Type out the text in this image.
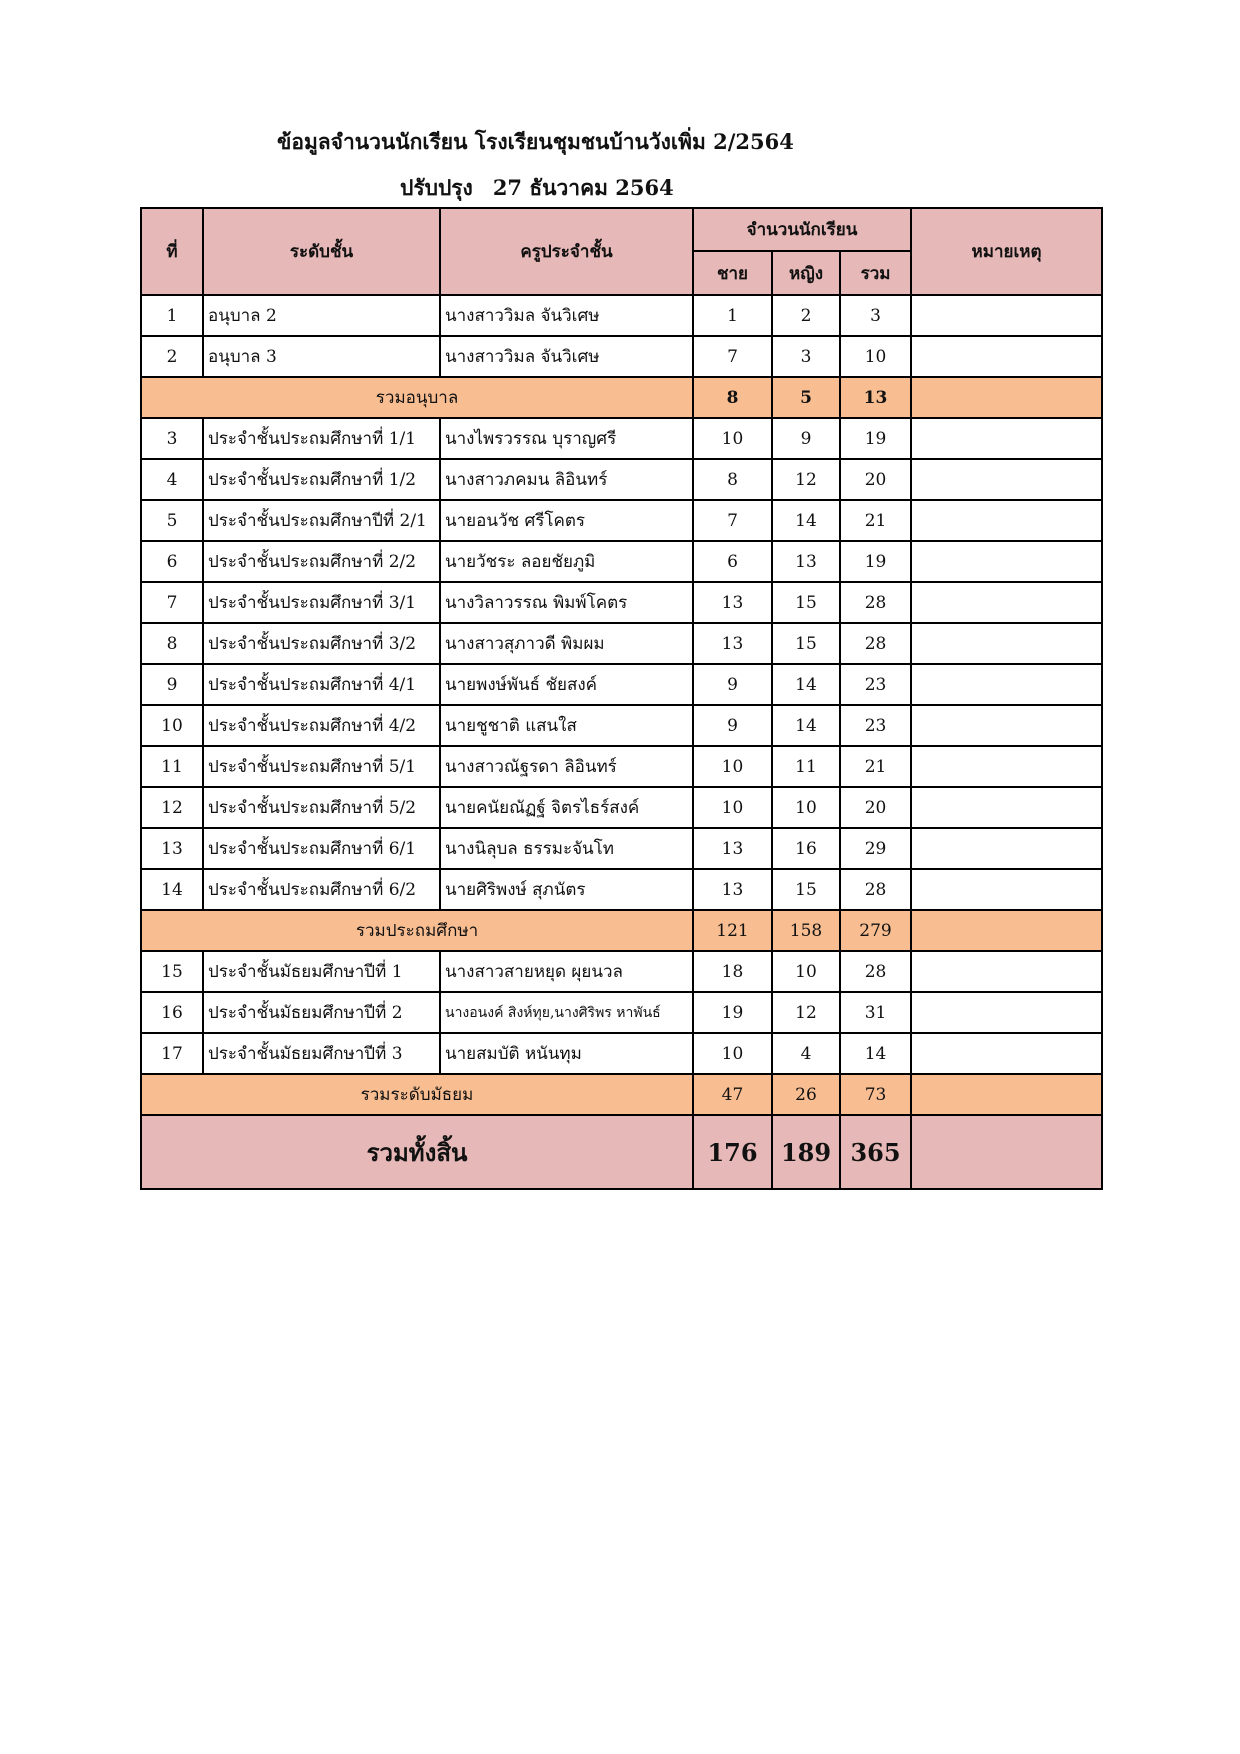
ข้อมูลจำนวนนักเรียน โรงเรียนชุมชนบ้านวังเพิ่ม 2/2564
ปรับปรุง 27 ธันวาคม 2564
ที่	ระดับชั้น	ครูประจำชั้น	จำนวนนักเรียน			หมายเหตุ
			ชาย	หญิง	รวม	
1	อนุบาล 2	นางสาววิมล จันวิเศษ	1	2	3	
2	อนุบาล 3	นางสาววิมล จันวิเศษ	7	3	10	
รวมอนุบาล			8	5	13	
3	ประจำชั้นประถมศึกษาที่ 1/1	นางไพรวรรณ บุราญศรี	10	9	19	
4	ประจำชั้นประถมศึกษาที่ 1/2	นางสาวภคมน ลิอินทร์	8	12	20	
5	ประจำชั้นประถมศึกษาปีที่ 2/1	นายอนวัช ศรีโคตร	7	14	21	
6	ประจำชั้นประถมศึกษาที่ 2/2	นายวัชระ ลอยชัยภูมิ	6	13	19	
7	ประจำชั้นประถมศึกษาที่ 3/1	นางวิลาวรรณ พิมพ์โคตร	13	15	28	
8	ประจำชั้นประถมศึกษาที่ 3/2	นางสาวสุภาวดี พิมผม	13	15	28	
9	ประจำชั้นประถมศึกษาที่ 4/1	นายพงษ์พันธ์ ชัยสงค์	9	14	23	
10	ประจำชั้นประถมศึกษาที่ 4/2	นายชูชาติ แสนใส	9	14	23	
11	ประจำชั้นประถมศึกษาที่ 5/1	นางสาวณัฐรดา ลิอินทร์	10	11	21	
12	ประจำชั้นประถมศึกษาที่ 5/2	นายคนัยณัฏฐ์ จิตรไธร์สงค์	10	10	20	
13	ประจำชั้นประถมศึกษาที่ 6/1	นางนิลุบล ธรรมะจันโท	13	16	29	
14	ประจำชั้นประถมศึกษาที่ 6/2	นายศิริพงษ์ สุภนัตร	13	15	28	
รวมประถมศึกษา			121	158	279	
15	ประจำชั้นมัธยมศึกษาปีที่ 1	นางสาวสายหยุด ผุยนวล	18	10	28	
16	ประจำชั้นมัธยมศึกษาปีที่ 2	นางอนงค์ สิงห์ทุย,นางศิริพร หาพันธ์	19	12	31	
17	ประจำชั้นมัธยมศึกษาปีที่ 3	นายสมบัติ หนันทุม	10	4	14	
รวมระดับมัธยม			47	26	73	
รวมทั้งสิ้น			176	189	365	
